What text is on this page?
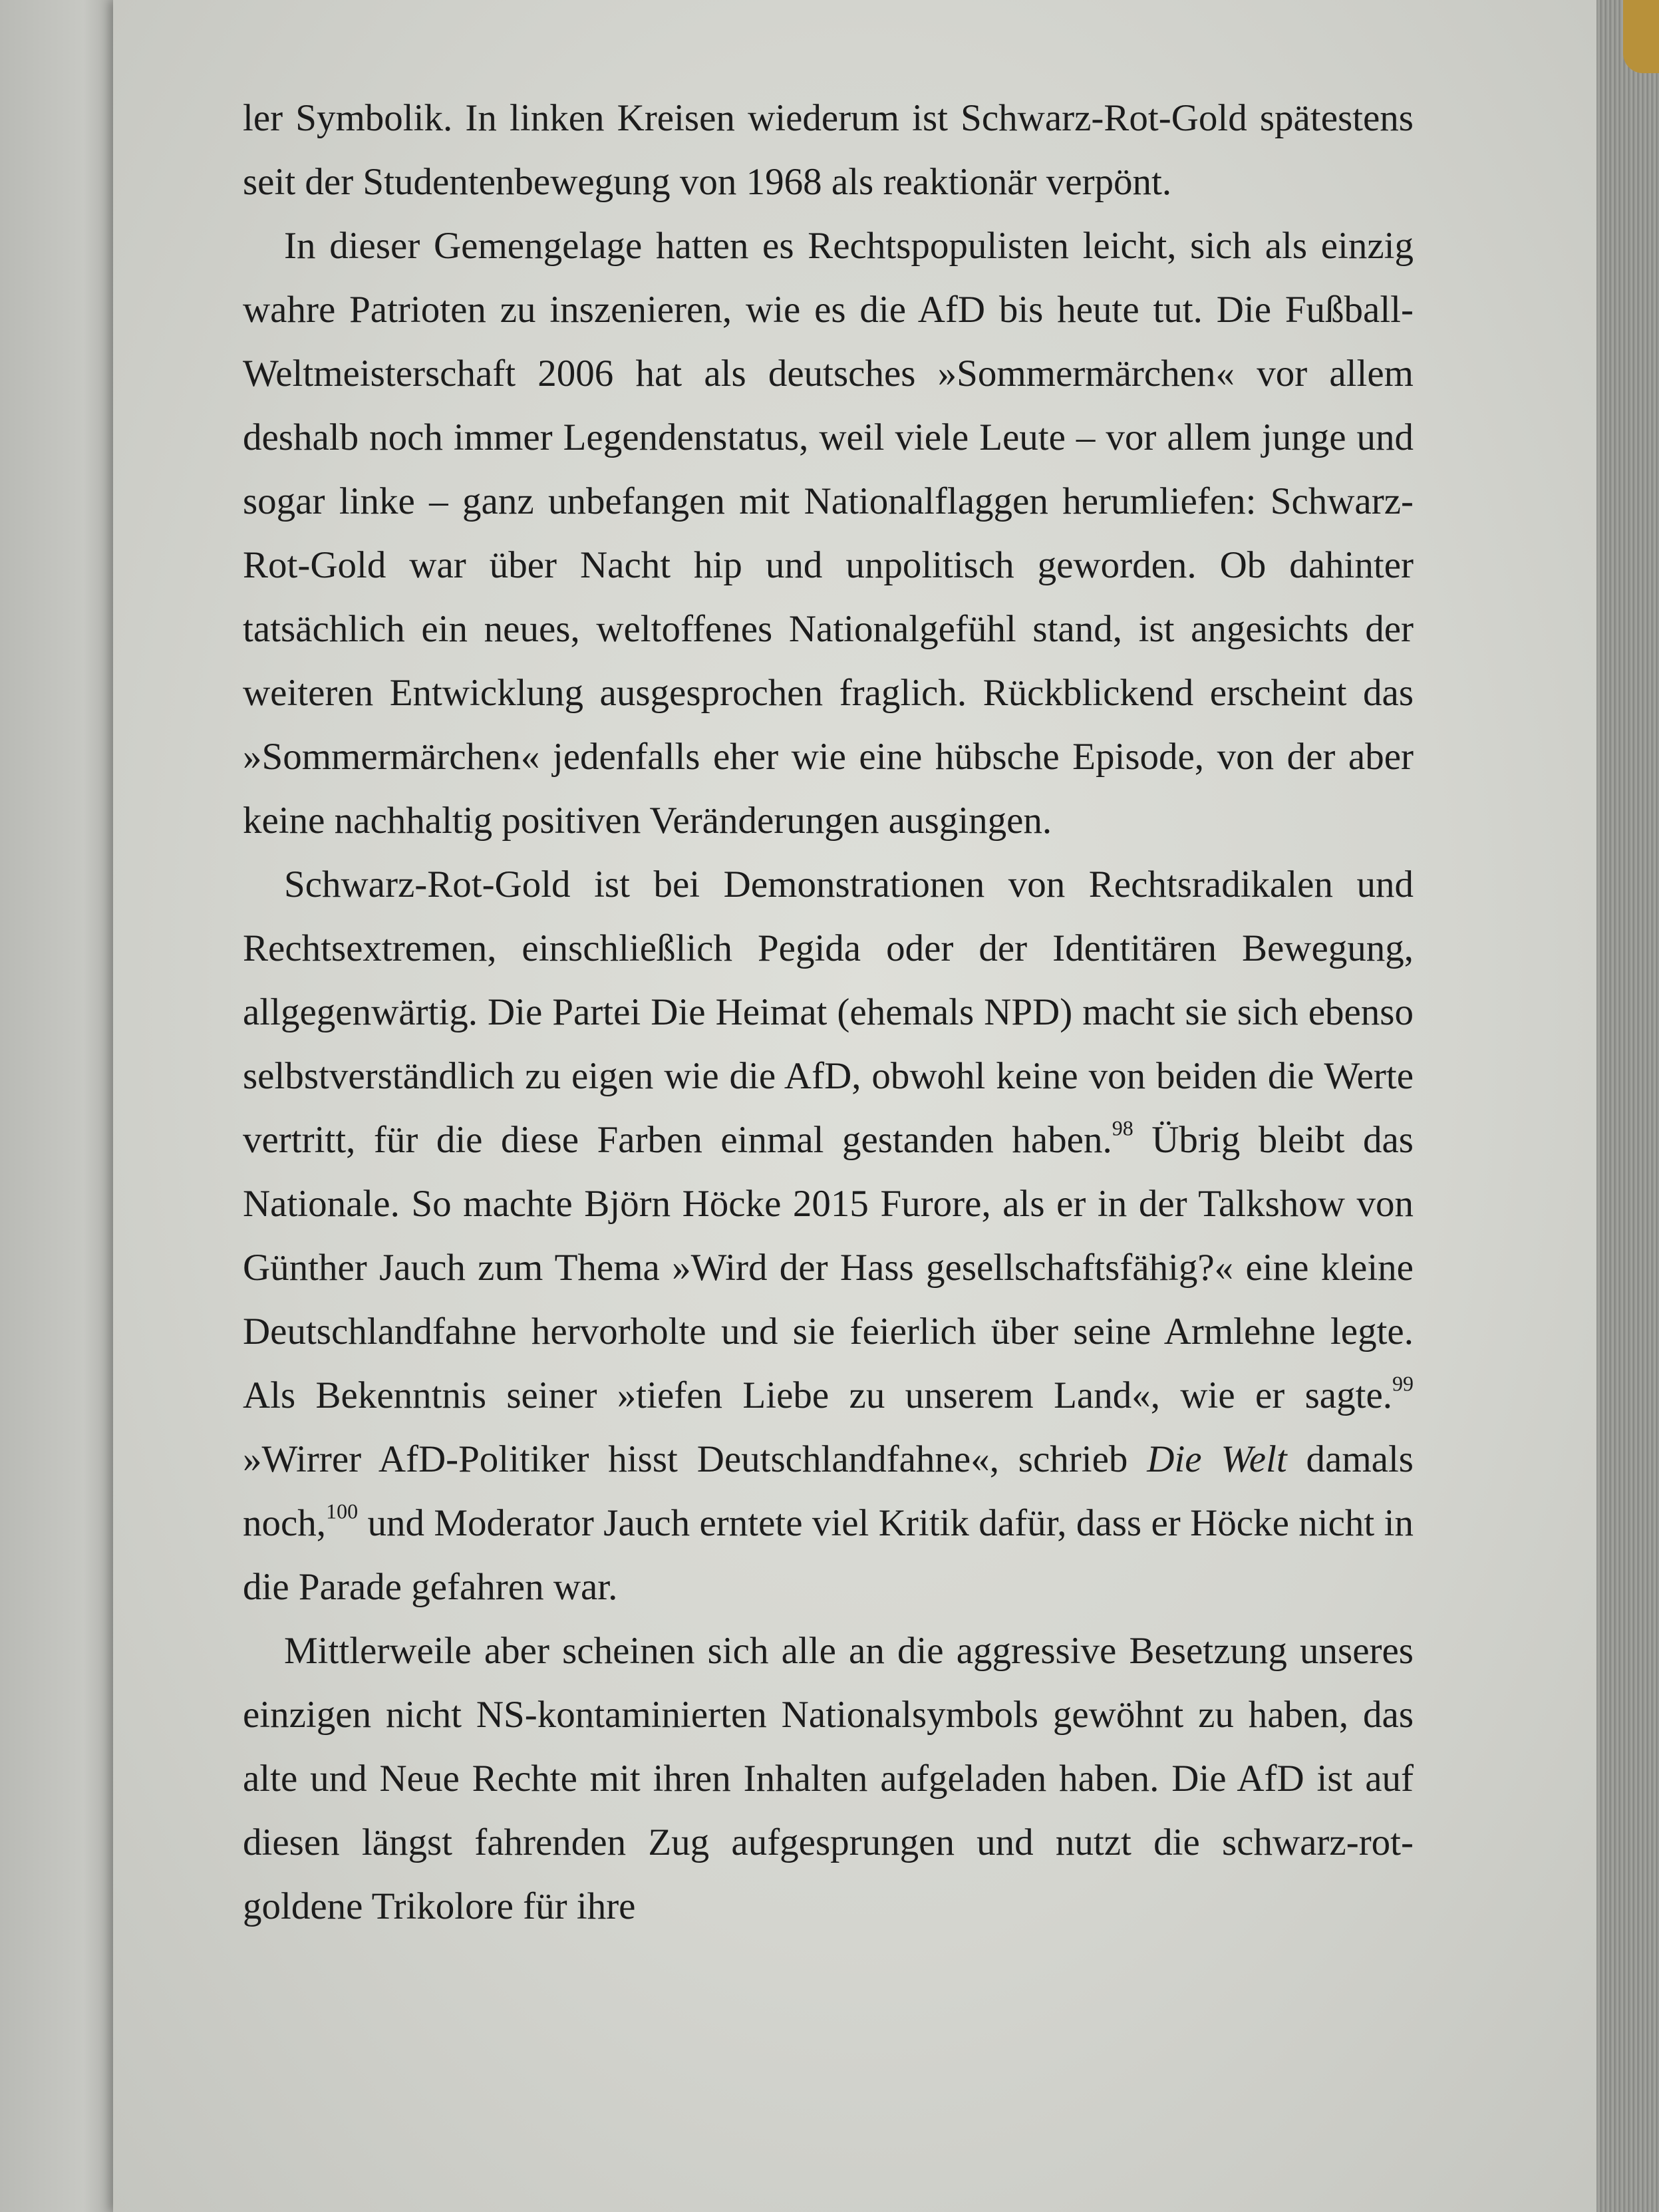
ler Symbolik. In linken Kreisen wiederum ist Schwarz-Rot-Gold spätestens seit der Studentenbewegung von 1968 als reaktionär verpönt.

In dieser Gemengelage hatten es Rechtspopulisten leicht, sich als einzig wahre Patrioten zu inszenieren, wie es die AfD bis heute tut. Die Fußball-Weltmeisterschaft 2006 hat als deutsches »Sommermärchen« vor allem deshalb noch immer Legendenstatus, weil viele Leute – vor allem junge und sogar linke – ganz unbefangen mit Nationalflaggen herumliefen: Schwarz-Rot-Gold war über Nacht hip und unpolitisch geworden. Ob dahinter tatsächlich ein neues, weltoffenes Nationalgefühl stand, ist angesichts der weiteren Entwicklung ausgesprochen fraglich. Rückblickend erscheint das »Sommermärchen« jedenfalls eher wie eine hübsche Episode, von der aber keine nachhaltig positiven Veränderungen ausgingen.

Schwarz-Rot-Gold ist bei Demonstrationen von Rechtsradikalen und Rechtsextremen, einschließlich Pegida oder der Identitären Bewegung, allgegenwärtig. Die Partei Die Heimat (ehemals NPD) macht sie sich ebenso selbstverständlich zu eigen wie die AfD, obwohl keine von beiden die Werte vertritt, für die diese Farben einmal gestanden haben.$^{98}$ Übrig bleibt das Nationale. So machte Björn Höcke 2015 Furore, als er in der Talkshow von Günther Jauch zum Thema »Wird der Hass gesellschaftsfähig?« eine kleine Deutschlandfahne hervorholte und sie feierlich über seine Armlehne legte. Als Bekenntnis seiner »tiefen Liebe zu unserem Land«, wie er sagte.$^{99}$ »Wirrer AfD-Politiker hisst Deutschlandfahne«, schrieb Die Welt damals noch,$^{100}$ und Moderator Jauch erntete viel Kritik dafür, dass er Höcke nicht in die Parade gefahren war.

Mittlerweile aber scheinen sich alle an die aggressive Besetzung unseres einzigen nicht NS-kontaminierten Nationalsymbols gewöhnt zu haben, das alte und Neue Rechte mit ihren Inhalten aufgeladen haben. Die AfD ist auf diesen längst fahrenden Zug aufgesprungen und nutzt die schwarz-rot-goldene Trikolore für ihre
